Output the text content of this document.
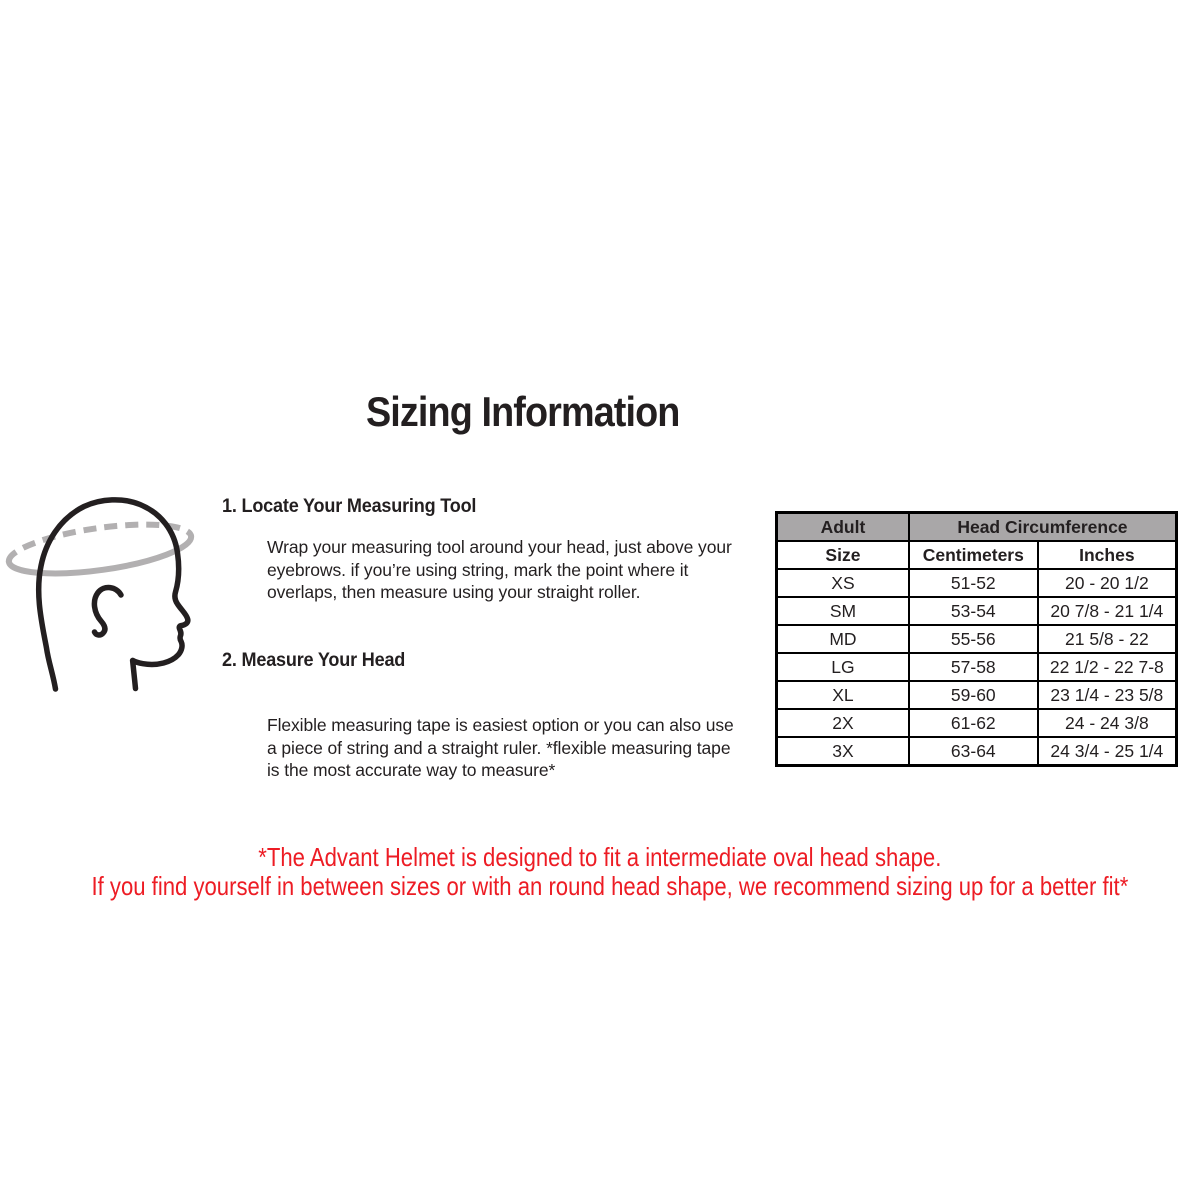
Sizing Information
1. Locate Your Measuring Tool

Wrap your measuring tool around your head, just above your eyebrows. if you’re using string, mark the point where it overlaps, then measure using your straight roller.

2. Measure Your Head

Flexible measuring tape is easiest option or you can also use a piece of string and a straight ruler. *flexible measuring tape is the most accurate way to measure*

Adult	Head Circumference	
Size	Centimeters	Inches
XS	51-52	20 - 20 1/2
SM	53-54	20 7/8 - 21 1/4
MD	55-56	21 5/8 - 22
LG	57-58	22 1/2 - 22 7-8
XL	59-60	23 1/4 - 23 5/8
2X	61-62	24 - 24 3/8
3X	63-64	24 3/4 - 25 1/4
*The Advant Helmet is designed to fit a intermediate oval head shape.
If you find yourself in between sizes or with an round head shape, we recommend sizing up for a better fit*
